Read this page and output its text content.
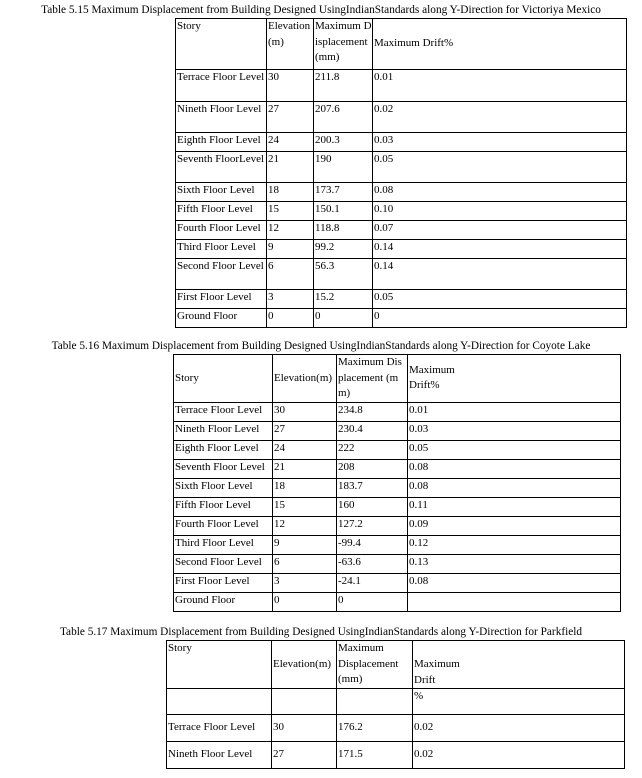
Table 5.15 Maximum Displacement from Building Designed UsingIndianStandards along Y-Direction for Victoriya Mexico
Story	Elevation(m)	Maximum Displacement(mm)	Maximum Drift%
Terrace Floor Level	30	211.8	0.01
Nineth Floor Level	27	207.6	0.02
Eighth Floor Level	24	200.3	0.03
Seventh FloorLevel	21	190	0.05
Sixth Floor Level	18	173.7	0.08
Fifth Floor Level	15	150.1	0.10
Fourth Floor Level	12	118.8	0.07
Third Floor Level	9	99.2	0.14
Second Floor Level	6	56.3	0.14
First Floor Level	3	15.2	0.05
Ground Floor	0	0	0
Table 5.16 Maximum Displacement from Building Designed UsingIndianStandards along Y-Direction for Coyote Lake
Story	Elevation(m)	Maximum Displacement (mm)	Maximum Drift%
Terrace Floor Level	30	234.8	0.01
Nineth Floor Level	27	230.4	0.03
Eighth Floor Level	24	222	0.05
Seventh Floor Level	21	208	0.08
Sixth Floor Level	18	183.7	0.08
Fifth Floor Level	15	160	0.11
Fourth Floor Level	12	127.2	0.09
Third Floor Level	9	-99.4	0.12
Second Floor Level	6	-63.6	0.13
First Floor Level	3	-24.1	0.08
Ground Floor	0	0	
Table 5.17 Maximum Displacement from Building Designed UsingIndianStandards along Y-Direction for Parkfield
Story	Elevation(m)	Maximum Displacement (mm)	Maximum Drift
			%
Terrace Floor Level	30	176.2	0.02
Nineth Floor Level	27	171.5	0.02
